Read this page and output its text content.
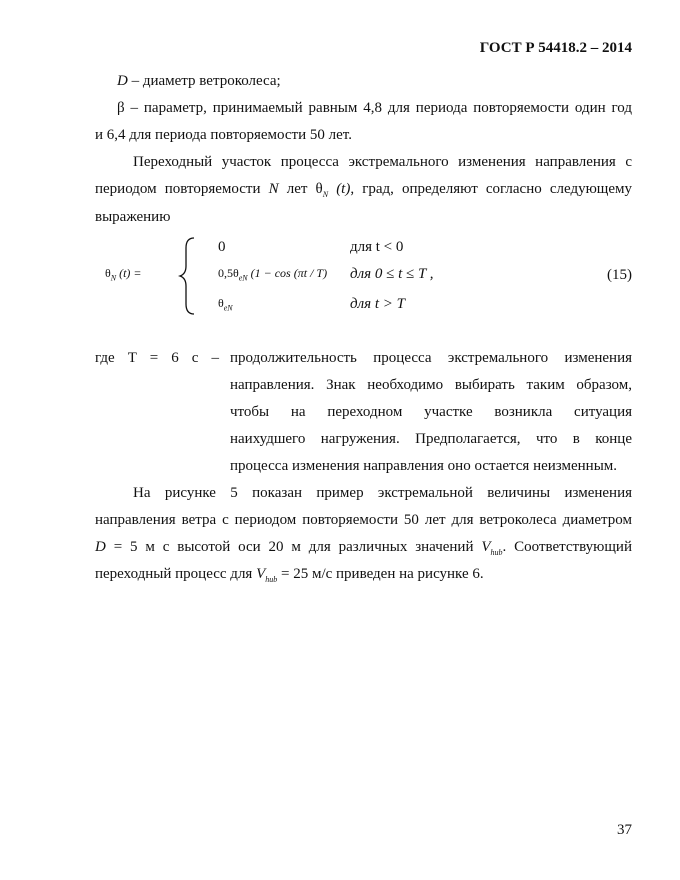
ГОСТ Р 54418.2 – 2014
D – диаметр ветроколеса;
β – параметр, принимаемый равным 4,8 для периода повторяемости один год
и 6,4 для периода повторяемости 50 лет.
Переходный участок процесса экстремального изменения направления с
периодом повторяемости N лет $\theta_N$ (t), град, определяют согласно следующему
выражению
$\theta_N$ (t) =
0	для t < 0
$0,5\theta_{eN}$ (1 − cos (πt / T) для 0 ≤ t ≤ T ,
$\theta_{eN}$	для t > T
(15)
где T = 6 с – продолжительность процесса экстремального изменения
направления. Знак необходимо выбирать таким образом,
чтобы на переходном участке возникла ситуация
наихудшего нагружения. Предполагается, что в конце
процесса изменения направления оно остается неизменным.
На рисунке 5 показан пример экстремальной величины изменения
направления ветра с периодом повторяемости 50 лет для ветроколеса диаметром
D = 5 м с высотой оси 20 м для различных значений $V_{hub}$. Соответствующий
переходный процесс для $V_{hub} = 25$ м/с приведен на рисунке 6.
37
